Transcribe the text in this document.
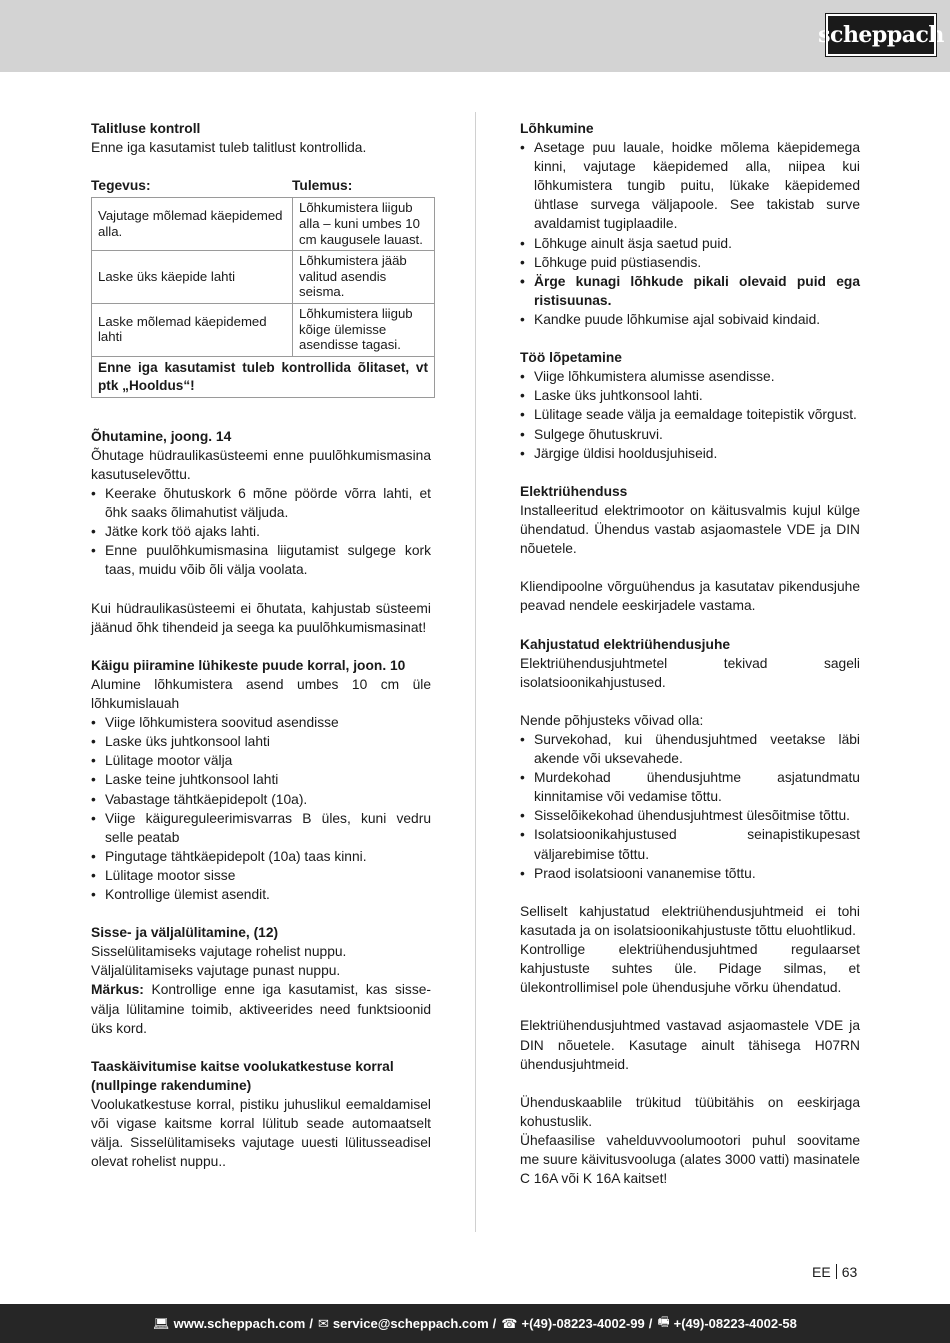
scheppach
Talitluse kontroll

Enne iga kasutamist tuleb talitlust kontrollida.

Tegevus:	Tulemus:
Vajutage mõlemad käepidemed alla.	Lõhkumistera liigub alla – kuni umbes 10 cm kaugusele lauast.
Laske üks käepide lahti	Lõhkumistera jääb valitud asendis seisma.
Laske mõlemad käepidemed lahti	Lõhkumistera liigub kõige ülemisse asendisse tagasi.
Enne iga kasutamist tuleb kontrollida õlitaset, vt ptk „Hooldus“!	
Õhutamine, joong. 14

Õhutage hüdraulikasüsteemi enne puulõhkumismasina kasutuselevõttu.

• Keerake õhutuskork 6 mõne pöörde võrra lahti, et õhk saaks õlimahutist väljuda.
• Jätke kork töö ajaks lahti.
• Enne puulõhkumismasina liigutamist sulgege kork taas, muidu võib õli välja voolata.

Kui hüdraulikasüsteemi ei õhutata, kahjustab süsteemi jäänud õhk tihendeid ja seega ka puulõhkumismasinat!

Käigu piiramine lühikeste puude korral, joon. 10

Alumine lõhkumistera asend umbes 10 cm üle lõhkumislauah

• Viige lõhkumistera soovitud asendisse
• Laske üks juhtkonsool lahti
• Lülitage mootor välja
• Laske teine juhtkonsool lahti
• Vabastage tähtkäepidepolt (10a).
• Viige käigureguleerimisvarras B üles, kuni vedru selle peatab
• Pingutage tähtkäepidepolt (10a) taas kinni.
• Lülitage mootor sisse
• Kontrollige ülemist asendit.
Sisse- ja väljalülitamine, (12)

Sisselülitamiseks vajutage rohelist nuppu.

Väljalülitamiseks vajutage punast nuppu.

Märkus: Kontrollige enne iga kasutamist, kas sisse-välja lülitamine toimib, aktiveerides need funktsioonid üks kord.

Taaskäivitumise kaitse voolukatkestuse korral (nullpinge rakendumine)

Voolukatkestuse korral, pistiku juhuslikul eemaldamisel või vigase kaitsme korral lülitub seade automaatselt välja. Sisselülitamiseks vajutage uuesti lülitusseadisel olevat rohelist nuppu..

Lõhkumine
• Asetage puu lauale, hoidke mõlema käepidemega kinni, vajutage käepidemed alla, niipea kui lõhkumistera tungib puitu, lükake käepidemed ühtlase survega väljapoole. See takistab surve avaldamist tugiplaadile.
• Lõhkuge ainult äsja saetud puid.
• Lõhkuge puid püstiasendis.
• Ärge kunagi lõhkude pikali olevaid puid ega ristisuunas.
• Kandke puude lõhkumise ajal sobivaid kindaid.
Töö lõpetamine
• Viige lõhkumistera alumisse asendisse.
• Laske üks juhtkonsool lahti.
• Lülitage seade välja ja eemaldage toitepistik võrgust.
• Sulgege õhutuskruvi.
• Järgige üldisi hooldusjuhiseid.
Elektriühenduss

Installeeritud elektrimootor on käitusvalmis kujul külge ühendatud. Ühendus vastab asjaomastele VDE ja DIN nõuetele.

Kliendipoolne võrguühendus ja kasutatav pikendusjuhe peavad nendele eeskirjadele vastama.

Kahjustatud elektriühendusjuhe

Elektriühendusjuhtmetel tekivad sageli isolatsioonikahjustused.

Nende põhjusteks võivad olla:

• Survekohad, kui ühendusjuhtmed veetakse läbi akende või uksevahede.
• Murdekohad ühendusjuhtme asjatundmatu kinnitamise või vedamise tõttu.
• Sisselõikekohad ühendusjuhtmest ülesõitmise tõttu.
• Isolatsioonikahjustused seinapistikupesast väljarebimise tõttu.
• Praod isolatsiooni vananemise tõttu.

Selliselt kahjustatud elektriühendusjuhtmeid ei tohi kasutada ja on isolatsioonikahjustuste tõttu eluohtlikud.

Kontrollige elektriühendusjuhtmed regulaarset kahjustuste suhtes üle. Pidage silmas, et ülekontrollimisel pole ühendusjuhe võrku ühendatud.

Elektriühendusjuhtmed vastavad asjaomastele VDE ja DIN nõuetele. Kasutage ainult tähisega H07RN ühendusjuhtmeid.

Ühenduskaablile trükitud tüübitähis on eeskirjaga kohustuslik.

Ühefaasilise vahelduvvoolumootori puhul soovitame me suure käivitusvooluga (alates 3000 vatti) masinatele C 16A või K 16A kaitset!

EE 63
💻︎ www.scheppach.com / ✉︎ service@scheppach.com / ☎︎ +(49)-08223-4002-99 / 🖷︎ +(49)-08223-4002-58
